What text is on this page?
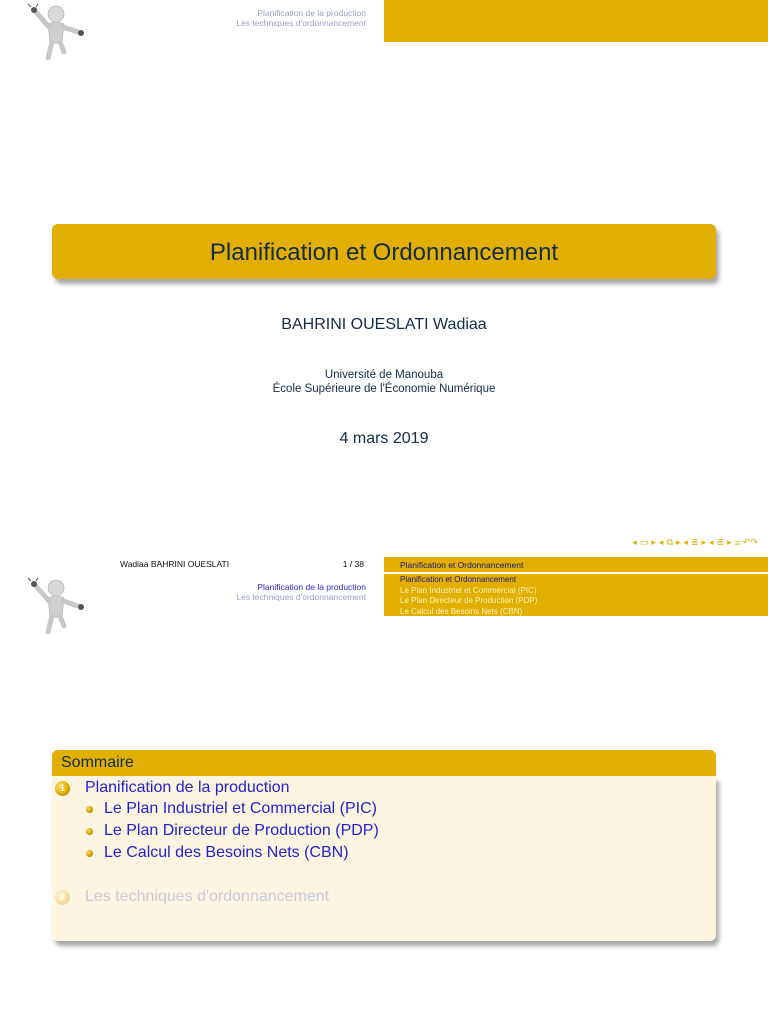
Planification de la production
Les techniques d'ordonnancement
Planification et Ordonnancement
BAHRINI OUESLATI Wadiaa
Université de Manouba
École Supérieure de l'Économie Numérique
4 mars 2019
◂ ▭ ▸ ◂ ⧉ ▸ ◂ ≣ ▸ ◂ ≣ ▸ ≡ ↶↷
Wadiaa BAHRINI OUESLATI	1 / 38	Planification et Ordonnancement
Planification de la production
Les techniques d'ordonnancement
Planification et Ordonnancement
Le Plan Industriel et Commercial (PIC)
Le Plan Directeur de Production (PDP)
Le Calcul des Besoins Nets (CBN)
Sommaire
1	Planification de la production
Le Plan Industriel et Commercial (PIC)
Le Plan Directeur de Production (PDP)
Le Calcul des Besoins Nets (CBN)
2	Les techniques d'ordonnancement
